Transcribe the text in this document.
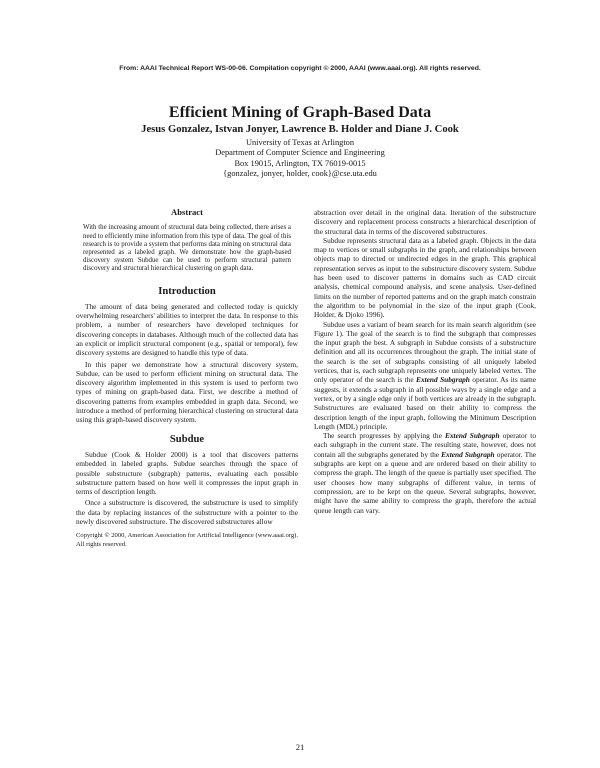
From: AAAI Technical Report WS-00-06. Compilation copyright © 2000, AAAI (www.aaai.org). All rights reserved.
Efficient Mining of Graph-Based Data
Jesus Gonzalez, Istvan Jonyer, Lawrence B. Holder and Diane J. Cook
University of Texas at Arlington
Department of Computer Science and Engineering
Box 19015, Arlington, TX 76019-0015
{gonzalez, jonyer, holder, cook}@cse.uta.edu
Abstract
With the increasing amount of structural data being collected, there arises a need to efficiently mine information from this type of data. The goal of this research is to provide a system that performs data mining on structural data represented as a labeled graph. We demonstrate how the graph-based discovery system Subdue can be used to perform structural pattern discovery and structural hierarchical clustering on graph data.
Introduction

The amount of data being generated and collected today is quickly overwhelming researchers' abilities to interpret the data. In response to this problem, a number of researchers have developed techniques for discovering concepts in databases. Although much of the collected data has an explicit or implicit structural component (e.g., spatial or temporal), few discovery systems are designed to handle this type of data.

In this paper we demonstrate how a structural discovery system, Subdue, can be used to perform efficient mining on structural data. The discovery algorithm implemented in this system is used to perform two types of mining on graph-based data. First, we describe a method of discovering patterns from examples embedded in graph data. Second, we introduce a method of performing hierarchical clustering on structural data using this graph-based discovery system.

Subdue

Subdue (Cook & Holder 2000) is a tool that discovers patterns embedded in labeled graphs. Subdue searches through the space of possible substructure (subgraph) patterns, evaluating each possible substructure pattern based on how well it compresses the input graph in terms of description length.

Once a substructure is discovered, the substructure is used to simplify the data by replacing instances of the substructure with a pointer to the newly discovered substructure. The discovered substructures allow

Copyright © 2000, American Association for Artificial Intelligence (www.aaai.org). All rights reserved.

abstraction over detail in the original data. Iteration of the substructure discovery and replacement process constructs a hierarchical description of the structural data in terms of the discovered substructures.

Subdue represents structural data as a labeled graph. Objects in the data map to vertices or small subgraphs in the graph, and relationships between objects map to directed or undirected edges in the graph. This graphical representation serves as input to the substructure discovery system. Subdue has been used to discover patterns in domains such as CAD circuit analysis, chemical compound analysis, and scene analysis. User-defined limits on the number of reported patterns and on the graph match constrain the algorithm to be polynomial in the size of the input graph (Cook, Holder, & Djoko 1996).

Subdue uses a variant of beam search for its main search algorithm (see Figure 1). The goal of the search is to find the subgraph that compresses the input graph the best. A subgraph in Subdue consists of a substructure definition and all its occurrences throughout the graph. The initial state of the search is the set of subgraphs consisting of all uniquely labeled vertices, that is, each subgraph represents one uniquely labeled vertex. The only operator of the search is the Extend Subgraph operator. As its name suggests, it extends a subgraph in all possible ways by a single edge and a vertex, or by a single edge only if both vertices are already in the subgraph. Substructures are evaluated based on their ability to compress the description length of the input graph, following the Minimum Description Length (MDL) principle.

The search progresses by applying the Extend Subgraph operator to each subgraph in the current state. The resulting state, however, does not contain all the subgraphs generated by the Extend Subgraph operator. The subgraphs are kept on a queue and are ordered based on their ability to compress the graph. The length of the queue is partially user specified. The user chooses how many subgraphs of different value, in terms of compression, are to be kept on the queue. Several subgraphs, however, might have the same ability to compress the graph, therefore the actual queue length can vary.

21
